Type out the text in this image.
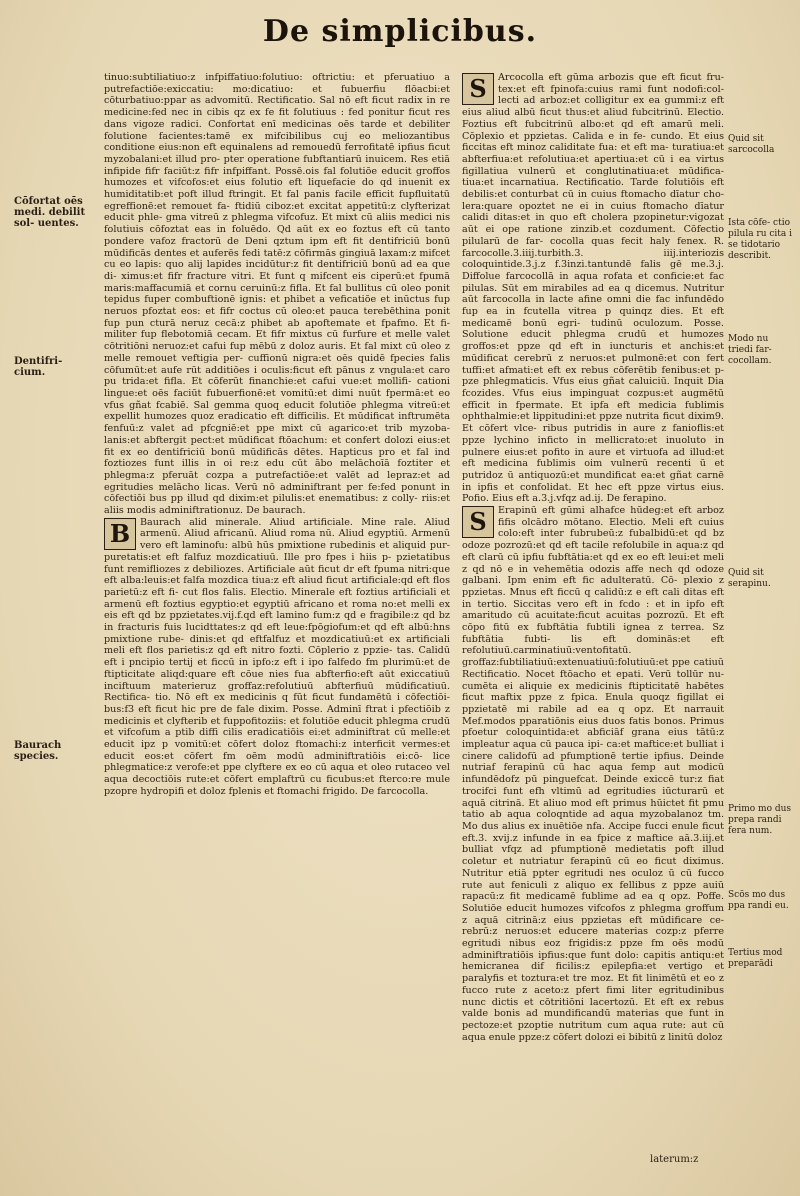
De simplicibus.
Cōfortat oēs medi. debilit sol- uentes.
Dentifri- cium.
Baurach species.
Quid sit sarcocolla
Ista cōfe- ctio pilula ru cita i se tidotario describit.
Modo nu triedi far- cocollam.
Quid sit serapinu.
Primo mo dus prepa randi fera num.
Scōs mo dus ppa randi eu.
Tertius mod preparādi

tinuo:subtiliatiuo:z infpiffatiuo:folutiuo: oftrictiu: et pferuatiuo a putrefactiōe:exiccatiu: mo:dicatiuo: et fubuerfiu flōacbi:et cōturbatiuo:ppar as advomitū. Rectificatio. Sal nō eft ficut radix in re medicine:fed nec in cibis qz ex fe fit folutiuus : fed ponitur ficut res dans vigoze radici. Confortat enī medicinas oēs tarde et debiliter folutione facientes:tamē ex mifcibilibus cuj eo meliozantibus conditione eius:non eft equinalens ad remouedū ferrofitatē ipfius ficut myzobalani:et illud pro- pter operatione fubftantiarū inuicem. Res etiā infipide fifr faciūt:z fifr infpiffant. Possē.ois fal folutiōe educit groffos humozes et vifcofos:et eius folutio eft liquefacie do qd inuenit ex humiditatib:et poft illud ftringit. Et fal panis facile efficit fupfluitatū egreffionē:et remouet fa- ftidiū ciboz:et excitat appetitū:z clyfterizat educit phle- gma vitreū z phlegma vifcofuz. Et mixt cū aliis medici nis folutiuis cōfoztat eas in foluēdo. Qd aūt ex eo foztus eft cū tanto pondere vafoz fractorū de Deni qztum ipm eft fit dentifriciū bonū mūdificās dentes et auferēs fedi tatē:z cōfirmās gingiuā laxam:z mifcet cu eo lapis: quo alij lapides incidūtur:z fit dentifriciū bonū ad ea que di- ximus:et fifr fracture vitri. Et funt q mifcent eis ciperū:et fpumā maris:maffacumiā et cornu ceruinū:z fifla. Et fal bullitus cū oleo ponit tepidus fuper combuftionē ignis: et phibet a veficatiōe et inūctus fup neruos pfoztat eos: et fifr coctus cū oleo:et pauca terebēthina ponit fup pun cturā neruz cecā:z phibet ab apoftemate et fpafmo. Et fi- militer fup flebotomiā cecam. Et fifr mixtus cū furfure et melle valet cōtritiōni neruoz:et cafui fup mēbū z doloz auris. Et fal mixt cū oleo z melle remouet veftigia per- cuffionū nigra:et oēs quidē fpecies falis cōfumūt:et aufe rūt additiōes i oculis:ficut eft pānus z vngula:et caro pu trida:et fifla. Et cōferūt financhie:et cafui vue:et mollifi- cationi lingue:et oēs faciūt fubuerfionē:et vomitū:et dimi nuūt fpermā:et eo vfus gñat fcabiē. Sal gemma quoq educit folutiōe phlegma vitreū:et expellit humozes quoz eradicatio eft difficilis. Et mūdificat inftrumēta fenfuū:z valet ad pfcgniē:et ppe mixt cū agarico:et trib myzoba- lanis:et abftergit pect:et mūdificat ftōachum: et confert dolozi eius:et fit ex eo dentifriciū bonū mūdificās dētes. Hapticus pro et fal ind foztiozes funt illis in oi re:z edu cūt ābo melāchoīā foztiter et phlegma:z pferuāt cozpa a putrefactiōe:et valēt ad lepraz:et ad egritudies melācho licas. Verū nō adminiftrant per fe:fed ponunt in cōfectiōi bus pp illud qd dixim:et pilulis:et enematibus: z colly- riis:et aliis modis adminiftrationuz. De baurach.

B	Baurach alid minerale. Aliud artificiale. Mine rale. Aliud armenū. Aliud africanū. Aliud roma nū. Aliud egyptiū. Armenū vero eft laminofu: albū hūs pmixtione rubedinis et aliquid pur- puretatis:et eft falfuz mozdicatiuū. Ille pro fpes i hiis p- pzietatibus funt remifliozes z debiliozes. Artificiale aūt ficut dr eft fpuma nitri:que eft alba:leuis:et falfa mozdica tiua:z eft aliud ficut artificiale:qd eft flos parietū:z eft fi- cut flos falis. Electio. Minerale eft foztius artificiali et armenū eft foztius egyptio:et egyptiū africano et roma no:et melli ex eis eft qd bz ppzietates.vij.f.qd eft lamino fum:z qd e fragibile:z qd bz in fracturis fuis lucidttates:z qd eft leue:fpōgiofum:et qd eft albū:hns pmixtione rube- dinis:et qd eftfalfuz et mozdicatiuū:et ex artificiali meli eft flos parietis:z qd eft nitro fozti. Cōplerio z ppzie- tas. Calidū eft i pncipio tertij et ficcū in ipfo:z eft i ipo falfedo fm plurimū:et de ftipticitate aliqd:quare eft cōue nies fua abfterfio:eft aūt exiccatiuū inciftuum materieruz groffaz:refolutiuū abfterfiuū mūdificatiuū. Rectifica- tio. Nō eft ex medicinis q fūt ficut fundamētū i cōfectiōi- bus:f3 eft ficut hic pre de fale dixim. Posse. Adminī ftrat i pfectiōib z medicinis et clyfterib et fuppofitoziis: et folutiōe educit phlegma crudū et vifcofum a ptib diffi cilis eradicatiōis ei:et adminiftrat cū melle:et educit ipz p vomitū:et cōfert doloz ftomachi:z interficit vermes:et educit eos:et cōfert fm oēm modū adminiftratiōis ei:cō- lice phlegmatice:z verofe:et ppe clyftere ex eo cū aqua et oleo rutaceo vel aqua decoctiōis rute:et cōfert emplaftrū cu ficubus:et fterco:re mule pzopre hydropifi et doloz fplenis et ftomachi frigido. De farcocolla.

S	Arcocolla eft gūma arbozis que eft ficut fru- tex:et eft fpinofa:cuius rami funt nodofi:col- lecti ad arboz:et colligitur ex ea gummi:z eft eius aliud albū ficut thus:et aliud fubcitrinū. Electio. Foztius eft fubcitrinū albo:et qd eft amarū meli. Cōplexio et ppzietas. Calida e in fe- cundo. Et eius ficcitas eft minoz caliditate fua: et eft ma- turatiua:et abfterfiua:et refolutiua:et apertiua:et cū i ea virtus figillatiua vulnerū et conglutinatiua:et mūdifica- tiua:et incarnatiua. Rectificatio. Tarde folutiōis eft debilis:et conturbat cū in cuius ftomacho dīatur cho- lera:quare opoztet ne ei in cuius ftomacho dīatur calidi ditas:et in quo eft cholera pzopinetur:vigozat aūt ei ope ratione zinzib.et cozdument. Cōfectio pilularū de far- cocolla quas fecit haly fenex. R. farcocolle.3.iiij.turbith.3. iiij.interiozis coloquintide.3.j.z f.3inzi.tantundē falis gē me.3.j. Diffolue farcocollā in aqua rofata et conficie:et fac pilulas. Sūt em mirabiles ad ea q dicemus. Nutritur aūt farcocolla in lacte afine omni die fac infundēdo fup ea in fcutella vitrea p quinqz dies. Et eft medicamē bonū egri- tudinū oculozum. Posse. Solutione educit phlegma crudū et humozes groffos:et ppze qd eft in iuncturis et anchis:et mūdificat cerebrū z neruos:et pulmonē:et con fert tuffi:et afmati:et eft ex rebus cōferētib fenibus:et p- pze phlegmaticis. Vfus eius gñat caluiciū. Inquit Dia fcozides. Vfus eius impinguat cozpus:et augmētū efficit in fpermate. Et ipfa eft medicia fublimis ophthalmie:et lippitudini:et ppze nutrita ficut dixim9. Et cōfert vlce- ribus putridis in aure z fanioflis:et ppze lychino inficto in mellicrato:et inuoluto in pulnere eius:et pofito in aure et virtuofa ad illud:et eft medicina fublimis oim vulnerū recenti ū et putridoz ū antiquozū:et mundificat ea:et gñat carnē in ipfis et confolidat. Et hec eft ppze virtus eius. Pofio. Eius eft a.3.j.vfqz ad.ij. De ferapino.

S	Erapinū eft gūmi alhafce hūdeg:et eft arboz fifis olcādro mōtano. Electio. Meli eft cuius colo:eft inter fubrubeū:z fubalbidū:et qd bz odoze pozrozū:et qd eft tacile refolubile in aqua:z qd eft clarū cū ipfiu fubftātia:et qd ex eo eft leui:et meli z qd nō e in vehemētia odozis affe nech qd odoze galbani. Ipm enim eft fic adulteratū. Cō- plexio z ppzietas. Mnus eft ficcū q calidū:z e eft cali ditas eft in tertio. Siccitas vero eft in fcdo : et in ipfo eft amaritudo cū acuitate:ficut acuitas pozrozū. Et eft cōpo fitū ex fubftātia fubtili ignea z terrea. Sz fubftātia fubti- lis eft dominās:et eft refolutiuū.carminatiuū:ventofitatū. groffaz:fubtiliatiuū:extenuatiuū:folutiuū:et ppe catiuū Rectificatio. Nocet ftōacho et epati. Verū tollūr nu- cumēta ei aliquie ex medicinis ftipticitatē habētes ficut maftix ppze z fpica. Enula quoqz figillat ei ppzietatē mi rabile ad ea q opz. Et narrauit Mef.modos pparatiōnis eius duos fatis bonos. Primus pfoetur coloquintida:et abficiāf grana eius tātū:z impleatur aqua cū pauca ipi- ca:et maftice:et bulliat i cinere calidofū ad pfumptionē tertie ipfius. Deinde nutriaf ferapinū cū hac aqua femp aut modicū infundēdofz pū pinguefcat. Deinde exiccē tur:z fiat trocifci funt efh vltimū ad egritudies iūcturarū et aquā citrinā. Et aliuo mod eft primus hūictet fit pmu tatio ab aqua coloqntide ad aqua myzobalanoz tm. Mo dus alius ex inuētiōe nfa. Accipe fucci enule ficut eft.3. xvij.z infunde in ea fpice z maftice aā.3.iij.et bulliat vfqz ad pfumptionē medietatis poft illud coletur et nutriatur ferapinū cū eo ficut diximus. Nutritur etiā ppter egritudi nes oculoz ū cū fucco rute aut feniculi z aliquo ex fellibus z ppze auiū rapacū:z fit medicamē fublime ad ea q opz. Poffe. Solutiōe educit humozes vifcofos z phlegma groffum z aquā citrinā:z eius ppzietas eft mūdificare ce- rebrū:z neruos:et educere materias cozp:z pferre egritudi nibus eoz frigidis:z ppze fm oēs modū adminiftratiōis ipfius:que funt dolo: capitis antiqu:et hemicranea dif ficilis:z epilepfia:et vertigo et paralyfis et toztura:et tre moz. Et fit linimētū et eo z fucco rute z aceto:z pfert fimi liter egritudinibus nunc dictis et cōtritiōni lacertozū. Et eft ex rebus valde bonis ad mundificandū materias que funt in pectoze:et pzoptie nutritum cum aqua rute: aut cū aqua enule ppze:z cōfert dolozi ei bibitū z linitū doloz

laterum:z
